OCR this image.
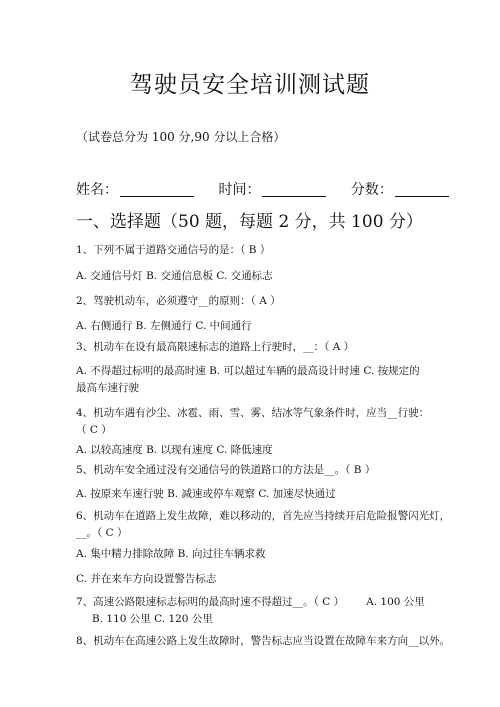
驾驶员安全培训测试题
（试卷总分为 100 分,90 分以上合格）
姓名：	时间：	分数：
一、选择题（50 题，每题 2 分，共 100 分）
1、下列不属于道路交通信号的是：（ B ）
A. 交通信号灯 B. 交通信息板 C. 交通标志
2、驾驶机动车，必须遵守__的原则：（ A ）
A. 右侧通行 B. 左侧通行 C. 中间通行
3、机动车在设有最高限速标志的道路上行驶时，__：（ A ）
A. 不得超过标明的最高时速 B. 可以超过车辆的最高设计时速 C. 按规定的
最高车速行驶
4、机动车遇有沙尘、冰雹、雨、雪、雾、结冰等气象条件时，应当__行驶：
（ C ）
A. 以较高速度 B. 以现有速度 C. 降低速度
5、机动车安全通过没有交通信号的铁道路口的方法是__。（ B ）
A. 按原来车速行驶 B. 减速或停车观察 C. 加速尽快通过
6、机动车在道路上发生故障，难以移动的，首先应当持续开启危险报警闪光灯，
__。（ C ）
A. 集中精力排除故障 B. 向过往车辆求救
C. 并在来车方向设置警告标志
7、高速公路限速标志标明的最高时速不得超过__。（ C ） A. 100 公里
B. 110 公里 C. 120 公里
8、机动车在高速公路上发生故障时，警告标志应当设置在故障车来方向__以外。
